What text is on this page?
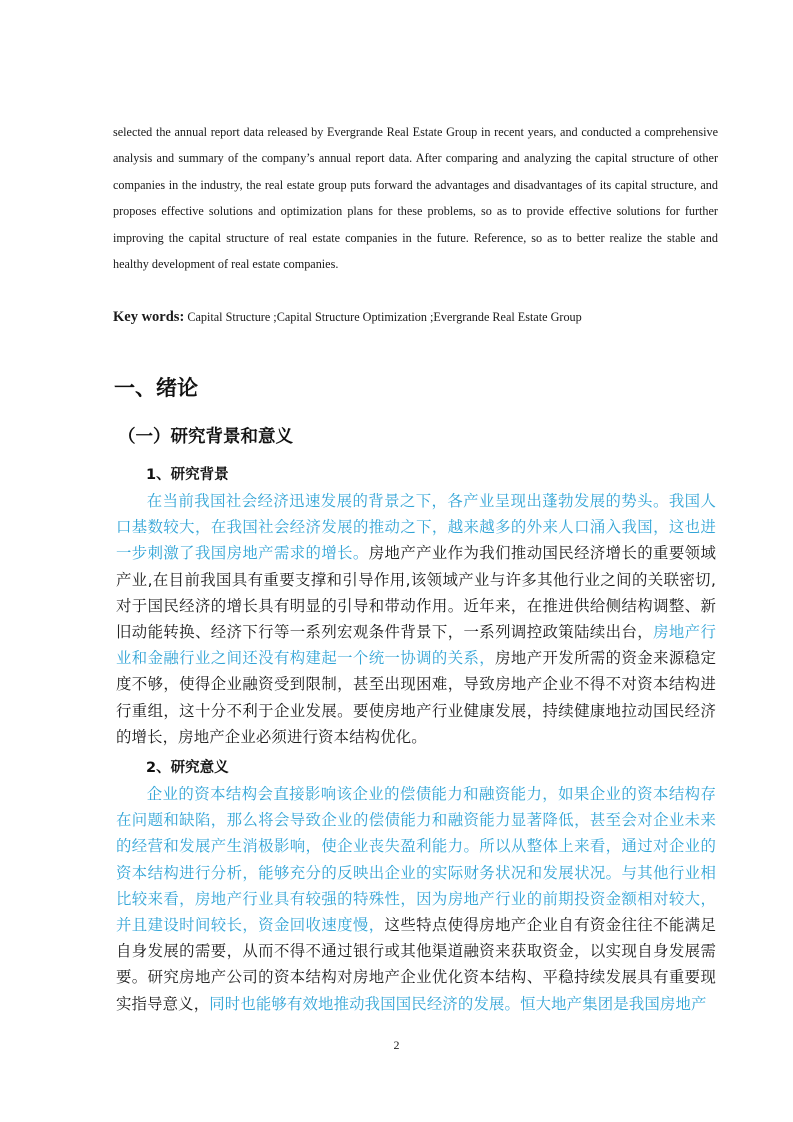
selected the annual report data released by Evergrande Real Estate Group in recent years, and conducted a comprehensive analysis and summary of the company’s annual report data. After comparing and analyzing the capital structure of other companies in the industry, the real estate group puts forward the advantages and disadvantages of its capital structure, and proposes effective solutions and optimization plans for these problems, so as to provide effective solutions for further improving the capital structure of real estate companies in the future. Reference, so as to better realize the stable and healthy development of real estate companies.

Key words: Capital Structure ;Capital Structure Optimization ;Evergrande Real Estate Group
一、绪论
（一）研究背景和意义
1、研究背景

在当前我国社会经济迅速发展的背景之下，各产业呈现出蓬勃发展的势头。我国人口基数较大，在我国社会经济发展的推动之下，越来越多的外来人口涌入我国，这也进一步刺激了我国房地产需求的增长。房地产产业作为我们推动国民经济增长的重要领域产业,在目前我国具有重要支撑和引导作用,该领域产业与许多其他行业之间的关联密切,对于国民经济的增长具有明显的引导和带动作用。近年来，在推进供给侧结构调整、新旧动能转换、经济下行等一系列宏观条件背景下，一系列调控政策陆续出台，房地产行业和金融行业之间还没有构建起一个统一协调的关系，房地产开发所需的资金来源稳定度不够，使得企业融资受到限制，甚至出现困难，导致房地产企业不得不对资本结构进行重组，这十分不利于企业发展。要使房地产行业健康发展，持续健康地拉动国民经济的增长，房地产企业必须进行资本结构优化。

2、研究意义

企业的资本结构会直接影响该企业的偿债能力和融资能力，如果企业的资本结构存在问题和缺陷，那么将会导致企业的偿债能力和融资能力显著降低，甚至会对企业未来的经营和发展产生消极影响，使企业丧失盈利能力。所以从整体上来看，通过对企业的资本结构进行分析，能够充分的反映出企业的实际财务状况和发展状况。与其他行业相比较来看，房地产行业具有较强的特殊性，因为房地产行业的前期投资金额相对较大，并且建设时间较长，资金回收速度慢，这些特点使得房地产企业自有资金往往不能满足自身发展的需要，从而不得不通过银行或其他渠道融资来获取资金，以实现自身发展需要。研究房地产公司的资本结构对房地产企业优化资本结构、平稳持续发展具有重要现实指导意义，同时也能够有效地推动我国国民经济的发展。恒大地产集团是我国房地产

2
